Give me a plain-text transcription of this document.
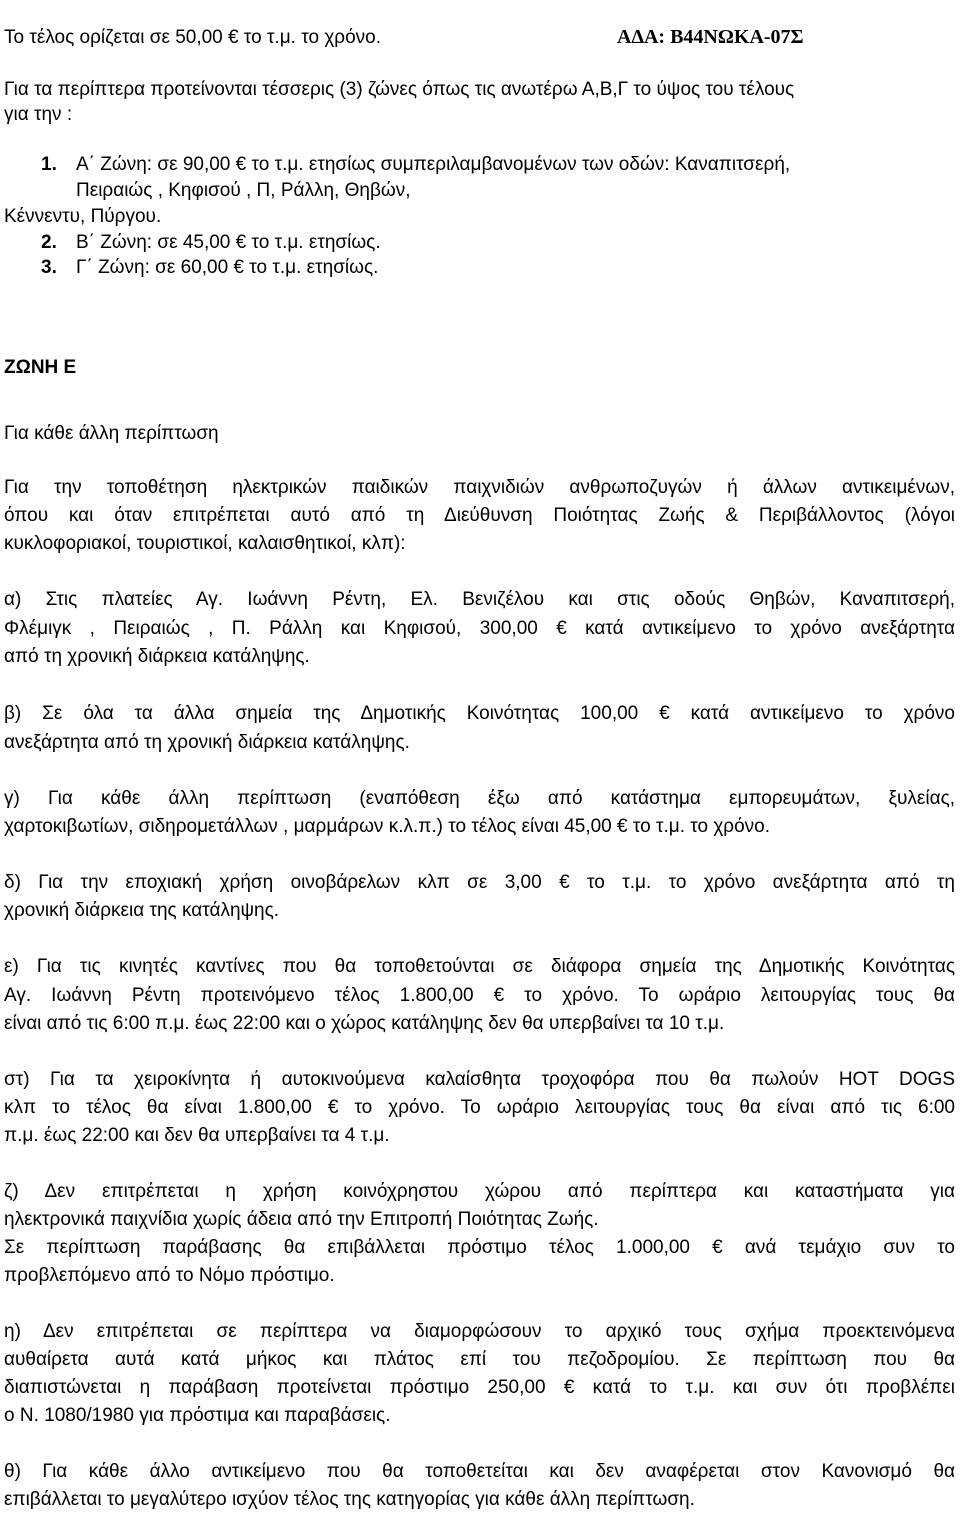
Το τέλος ορίζεται σε 50,00 € το τ.μ. το χρόνο.	ΑΔΑ: Β44ΝΩΚΑ-07Σ
Για τα περίπτερα προτείνονται τέσσερις (3) ζώνες όπως τις ανωτέρω Α,Β,Γ το ύψος του τέλους
για την :
1. Α΄ Ζώνη: σε 90,00 € το τ.μ. ετησίως συμπεριλαμβανομένων των οδών: Καναπιτσερή,
Πειραιώς , Κηφισού , Π, Ράλλη, Θηβών,
Κέννεντυ, Πύργου.
2. Β΄ Ζώνη: σε 45,00 € το τ.μ. ετησίως.
3. Γ΄ Ζώνη: σε 60,00 € το τ.μ. ετησίως.
ΖΩΝΗ Ε
Για κάθε άλλη περίπτωση
Για την τοποθέτηση ηλεκτρικών παιδικών παιχνιδιών ανθρωποζυγών ή άλλων αντικειμένων,
όπου και όταν επιτρέπεται αυτό από τη Διεύθυνση Ποιότητας Ζωής & Περιβάλλοντος (λόγοι
κυκλοφοριακοί, τουριστικοί, καλαισθητικοί, κλπ):
α) Στις πλατείες Αγ. Ιωάννη Ρέντη, Ελ. Βενιζέλου και στις οδούς Θηβών, Καναπιτσερή,
Φλέμιγκ , Πειραιώς , Π. Ράλλη και Κηφισού, 300,00 € κατά αντικείμενο το χρόνο ανεξάρτητα
από τη χρονική διάρκεια κατάληψης.
β) Σε όλα τα άλλα σημεία της Δημοτικής Κοινότητας 100,00 € κατά αντικείμενο το χρόνο
ανεξάρτητα από τη χρονική διάρκεια κατάληψης.
γ) Για κάθε άλλη περίπτωση (εναπόθεση έξω από κατάστημα εμπορευμάτων, ξυλείας,
χαρτοκιβωτίων, σιδηρομετάλλων , μαρμάρων κ.λ.π.) το τέλος είναι 45,00 € το τ.μ. το χρόνο.
δ) Για την εποχιακή χρήση οινοβάρελων κλπ σε 3,00 € το τ.μ. το χρόνο ανεξάρτητα από τη
χρονική διάρκεια της κατάληψης.
ε) Για τις κινητές καντίνες που θα τοποθετούνται σε διάφορα σημεία της Δημοτικής Κοινότητας
Αγ. Ιωάννη Ρέντη προτεινόμενο τέλος 1.800,00 € το χρόνο. Το ωράριο λειτουργίας τους θα
είναι από τις 6:00 π.μ. έως 22:00 και ο χώρος κατάληψης δεν θα υπερβαίνει τα 10 τ.μ.
στ) Για τα χειροκίνητα ή αυτοκινούμενα καλαίσθητα τροχοφόρα που θα πωλούν HOT DOGS
κλπ το τέλος θα είναι 1.800,00 € το χρόνο. Το ωράριο λειτουργίας τους θα είναι από τις 6:00
π.μ. έως 22:00 και δεν θα υπερβαίνει τα 4 τ.μ.
ζ) Δεν επιτρέπεται η χρήση κοινόχρηστου χώρου από περίπτερα και καταστήματα για
ηλεκτρονικά παιχνίδια χωρίς άδεια από την Επιτροπή Ποιότητας Ζωής.
Σε περίπτωση παράβασης θα επιβάλλεται πρόστιμο τέλος 1.000,00 € ανά τεμάχιο συν το
προβλεπόμενο από το Νόμο πρόστιμο.
η) Δεν επιτρέπεται σε περίπτερα να διαμορφώσουν το αρχικό τους σχήμα προεκτεινόμενα
αυθαίρετα αυτά κατά μήκος και πλάτος επί του πεζοδρομίου. Σε περίπτωση που θα
διαπιστώνεται η παράβαση προτείνεται πρόστιμο 250,00 € κατά το τ.μ. και συν ότι προβλέπει
ο Ν. 1080/1980 για πρόστιμα και παραβάσεις.
θ) Για κάθε άλλο αντικείμενο που θα τοποθετείται και δεν αναφέρεται στον Κανονισμό θα
επιβάλλεται το μεγαλύτερο ισχύον τέλος της κατηγορίας για κάθε άλλη περίπτωση.
